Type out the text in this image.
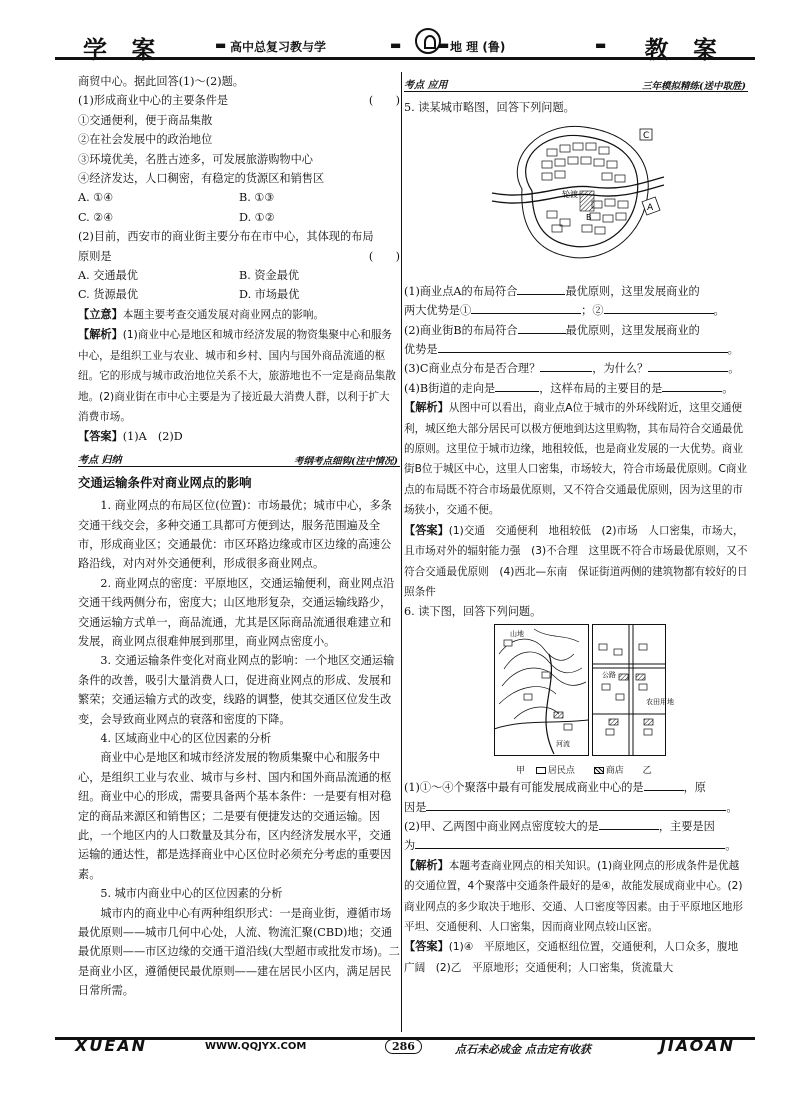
学 案	▬ 高中总复习教与学	▬	▬ 地 理 (鲁)	▬ 教 案
商贸中心。据此回答(1)～(2)题。
(1)形成商业中心的主要条件是	(　　)
①交通便利，便于商品集散
②在社会发展中的政治地位
③环境优美，名胜古迹多，可发展旅游购物中心
④经济发达，人口稠密，有稳定的货源区和销售区
A. ①④	B. ①③
C. ②④	D. ①②
(2)目前，西安市的商业街主要分布在市中心，其体现的布局
原则是	(　　)
A. 交通最优	B. 资金最优
C. 货源最优	D. 市场最优
【立意】本题主要考查交通发展对商业网点的影响。
【解析】(1)商业中心是地区和城市经济发展的物资集聚中心和服务中心，是组织工业与农业、城市和乡村、国内与国外商品流通的枢纽。它的形成与城市政治地位关系不大，旅游地也不一定是商品集散地。(2)商业街在市中心主要是为了接近最大消费人群，以利于扩大消费市场。
【答案】(1)A　(2)D
考点 归纳	考纲考点细钩(注中情况)
交通运输条件对商业网点的影响
1. 商业网点的布局区位(位置)：市场最优；城市中心，多条交通干线交会，多种交通工具都可方便到达，服务范围遍及全市，形成商业区；交通最优：市区环路边缘或市区边缘的高速公路沿线，对内对外交通便利，形成很多商业网点。
2. 商业网点的密度：平原地区，交通运输便利，商业网点沿交通干线两侧分布，密度大；山区地形复杂，交通运输线路少，交通运输方式单一，商品流通，尤其是区际商品流通很难建立和发展，商业网点很难伸展到那里，商业网点密度小。
3. 交通运输条件变化对商业网点的影响：一个地区交通运输条件的改善，吸引大量消费人口，促进商业网点的形成、发展和繁荣；交通运输方式的改变，线路的调整，使其交通区位发生改变，会导致商业网点的衰落和密度的下降。
4. 区域商业中心的区位因素的分析
商业中心是地区和城市经济发展的物质集聚中心和服务中心，是组织工业与农业、城市与乡村、国内和国外商品流通的枢纽。商业中心的形成，需要具备两个基本条件：一是要有相对稳定的商品来源区和销售区；二是要有便捷发达的交通运输。因此，一个地区内的人口数量及其分布，区内经济发展水平，交通运输的通达性，都是选择商业中心区位时必须充分考虑的重要因素。
5. 城市内商业中心的区位因素的分析
城市内的商业中心有两种组织形式：一是商业街，遵循市场最优原则——城市几何中心处，人流、物流汇聚(CBD)地；交通最优原则——市区边缘的交通干道沿线(大型超市或批发市场)。二是商业小区，遵循便民最优原则——建在居民小区内，满足居民日常所需。
考点 应用	三年模拟精练(送中取胜)
5. 读某城市略图，回答下列问题。
C
A
B
轮渡
(1)商业点A的布局符合	最优原则，这里发展商业的
两大优势是①	；②	。
(2)商业街B的布局符合	最优原则，这里发展商业的
优势是	。
(3)C商业点分布是否合理？	，为什么？	。
(4)B街道的走向是	，这样布局的主要目的是	。
【解析】从图中可以看出，商业点A位于城市的外环线附近，这里交通便利，城区绝大部分居民可以极方便地到达这里购物，其布局符合交通最优的原则。这里位于城市边缘，地租较低，也是商业发展的一大优势。商业街B位于城区中心，这里人口密集，市场较大，符合市场最优原则。C商业点的布局既不符合市场最优原则，又不符合交通最优原则，因为这里的市场狭小，交通不便。
【答案】(1)交通　交通便利　地租较低　(2)市场　人口密集，市场大，且市场对外的辐射能力强　(3)不合理　这里既不符合市场最优原则，又不符合交通最优原则　(4)西北—东南　保证街道两侧的建筑物都有较好的日照条件
6. 读下图，回答下列问题。
山地
公路
农田用地
河流
甲	居民点	商店 乙
(1)①～④个聚落中最有可能发展成商业中心的是	，原
因是	。
(2)甲、乙两图中商业网点密度较大的是	，主要是因
为	。
【解析】本题考查商业网点的相关知识。(1)商业网点的形成条件是优越的交通位置，4个聚落中交通条件最好的是④，故能发展成商业中心。(2)商业网点的多少取决于地形、交通、人口密度等因素。由于平原地区地形平坦、交通便利、人口密集，因而商业网点较山区密。
【答案】(1)④　平原地区，交通枢纽位置，交通便利，人口众多，腹地广阔　(2)乙　平原地形；交通便利；人口密集，货流量大
XUEAN	WWW.QQJYX.COM	286	点石未必成金 点击定有收获	JIAOAN
